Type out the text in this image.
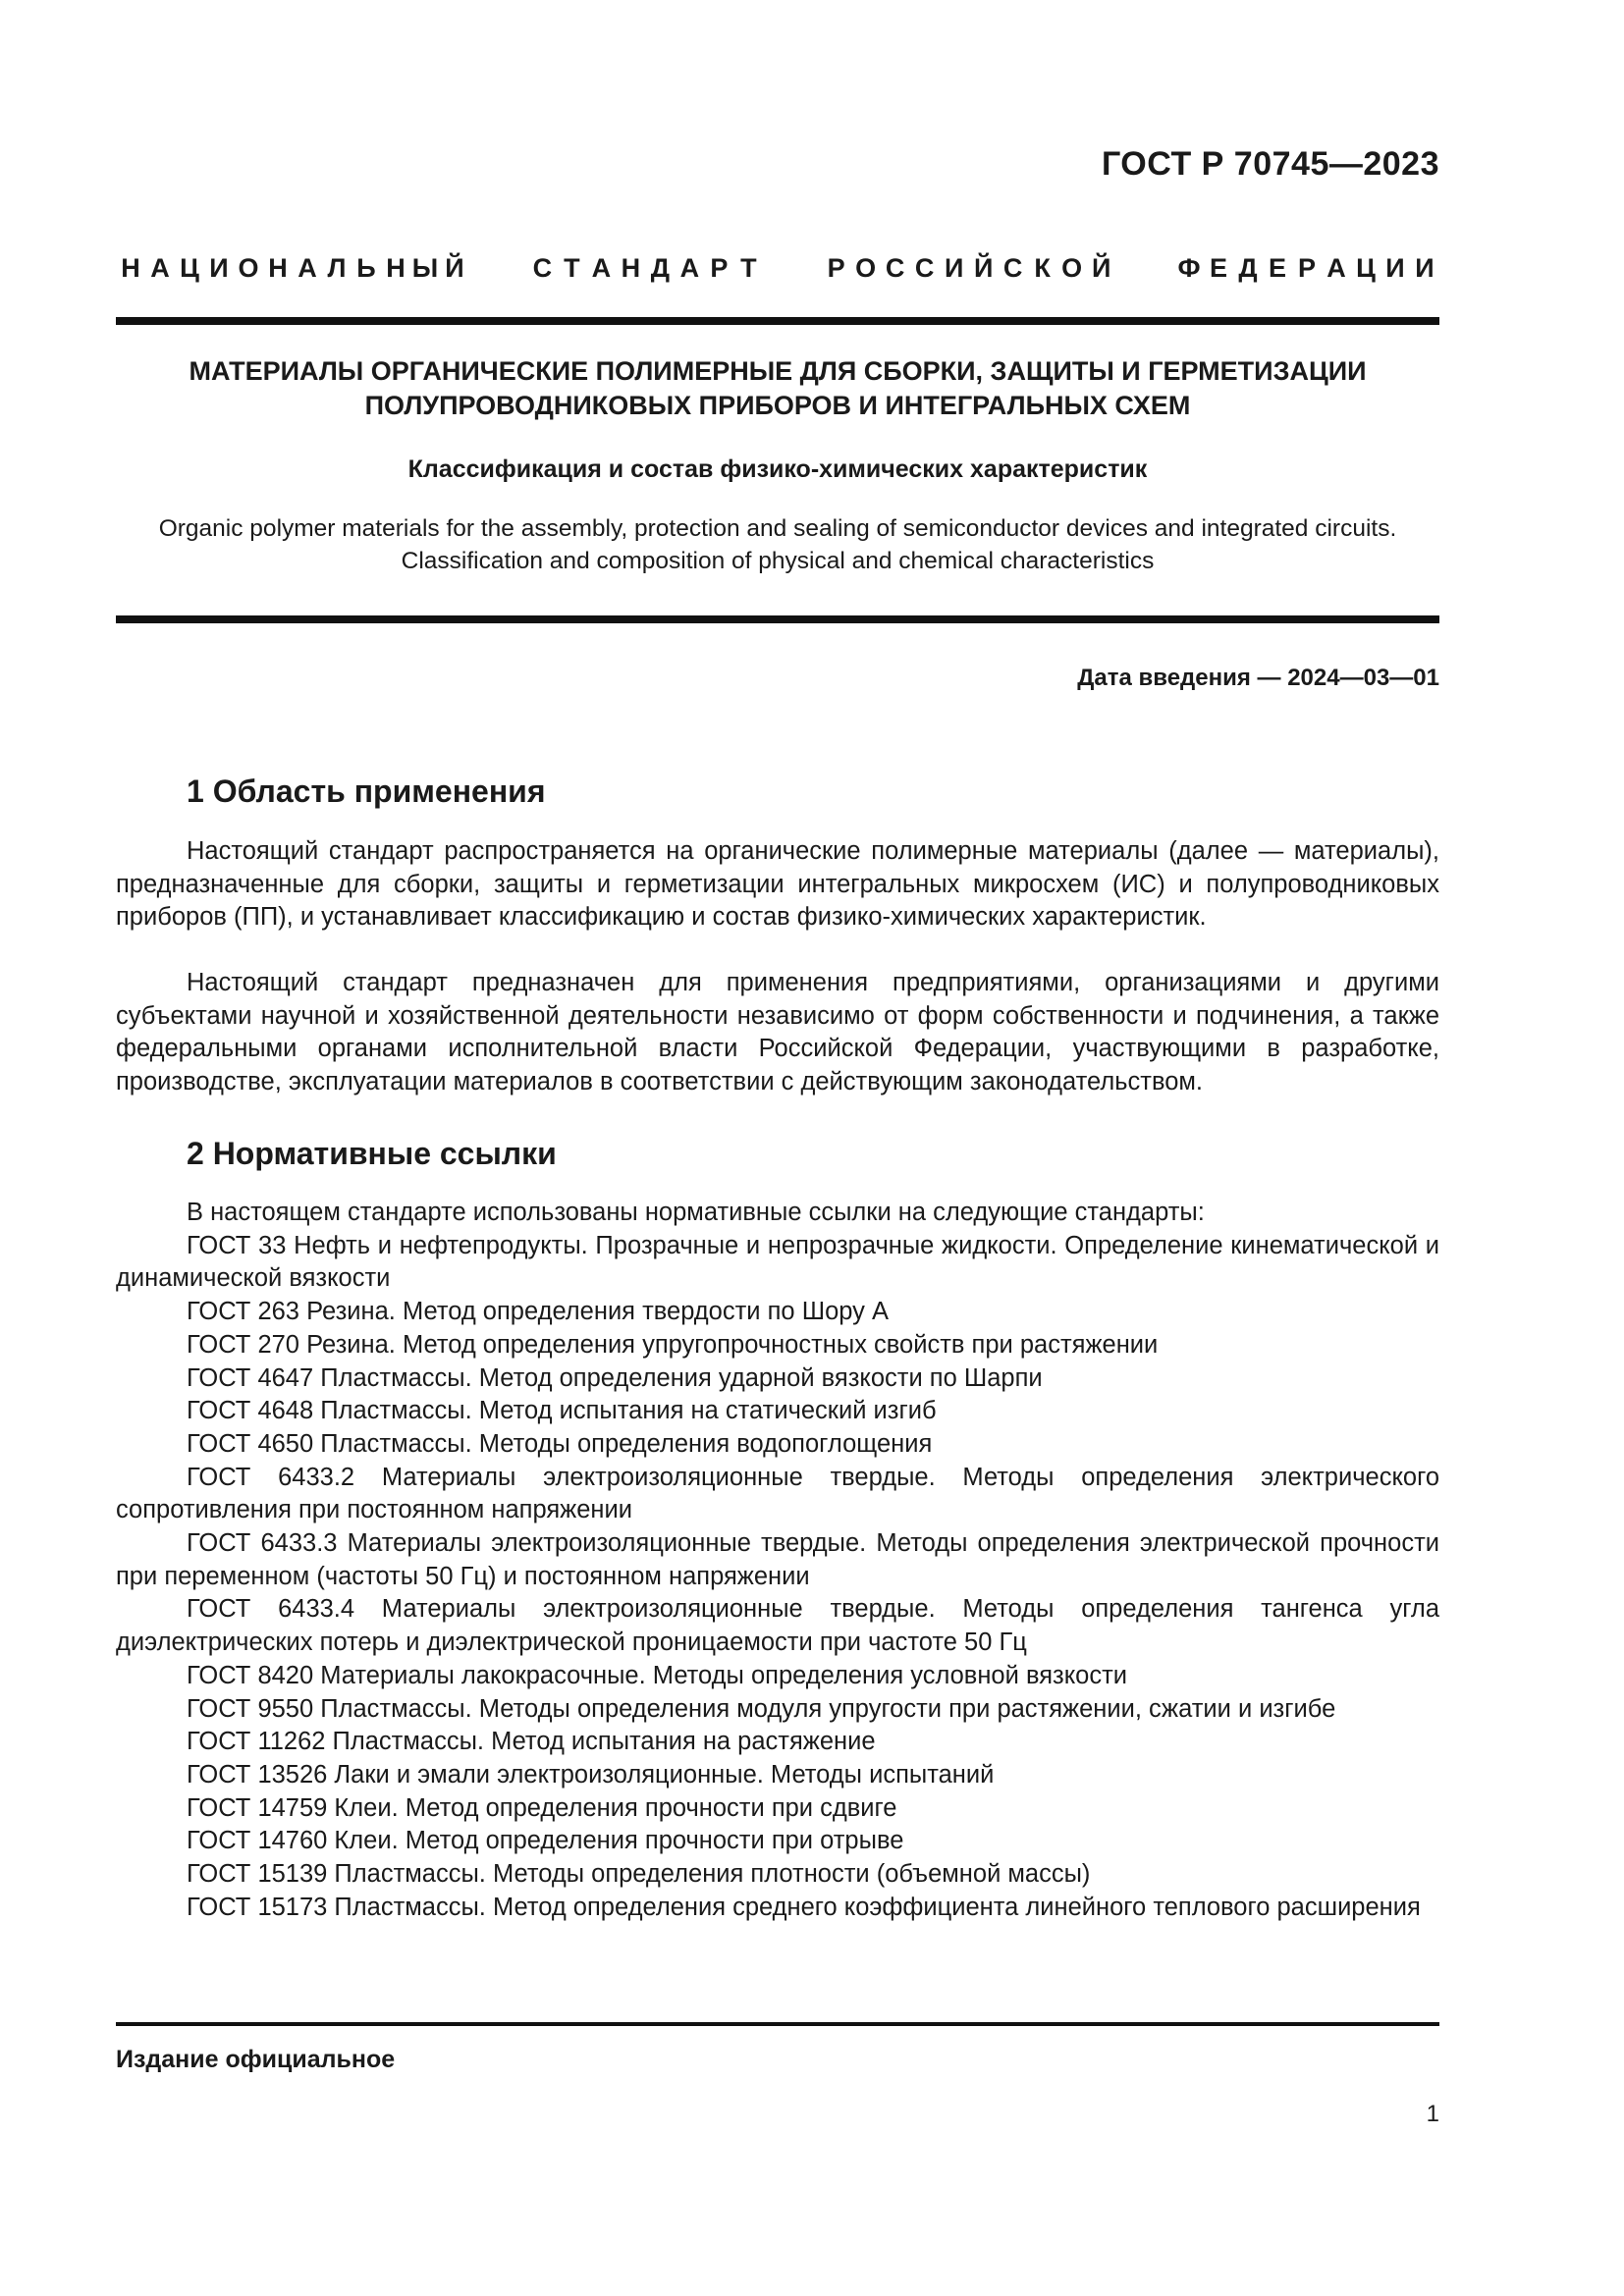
ГОСТ Р 70745—2023
Н А Ц И О Н А Л Ь Н Ы Й	С Т А Н Д А Р Т	Р О С С И Й С К О Й	Ф Е Д Е Р А Ц И И
МАТЕРИАЛЫ ОРГАНИЧЕСКИЕ ПОЛИМЕРНЫЕ ДЛЯ СБОРКИ, ЗАЩИТЫ И ГЕРМЕТИЗАЦИИ
ПОЛУПРОВОДНИКОВЫХ ПРИБОРОВ И ИНТЕГРАЛЬНЫХ СХЕМ
Классификация и состав физико-химических характеристик
Organic polymer materials for the assembly, protection and sealing of semiconductor devices and integrated circuits.
Classification and composition of physical and chemical characteristics
Дата введения — 2024—03—01
1 Область применения
Настоящий стандарт распространяется на органические полимерные материалы (далее — материалы), предназначенные для сборки, защиты и герметизации интегральных микросхем (ИС) и полупроводниковых приборов (ПП), и устанавливает классификацию и состав физико-химических характеристик.
Настоящий стандарт предназначен для применения предприятиями, организациями и другими субъектами научной и хозяйственной деятельности независимо от форм собственности и подчинения, а также федеральными органами исполнительной власти Российской Федерации, участвующими в разработке, производстве, эксплуатации материалов в соответствии с действующим законодательством.
2 Нормативные ссылки

В настоящем стандарте использованы нормативные ссылки на следующие стандарты:

ГОСТ 33 Нефть и нефтепродукты. Прозрачные и непрозрачные жидкости. Определение кинематической и динамической вязкости

ГОСТ 263 Резина. Метод определения твердости по Шору А

ГОСТ 270 Резина. Метод определения упругопрочностных свойств при растяжении

ГОСТ 4647 Пластмассы. Метод определения ударной вязкости по Шарпи

ГОСТ 4648 Пластмассы. Метод испытания на статический изгиб

ГОСТ 4650 Пластмассы. Методы определения водопоглощения

ГОСТ 6433.2 Материалы электроизоляционные твердые. Методы определения электрического сопротивления при постоянном напряжении

ГОСТ 6433.3 Материалы электроизоляционные твердые. Методы определения электрической прочности при переменном (частоты 50 Гц) и постоянном напряжении

ГОСТ 6433.4 Материалы электроизоляционные твердые. Методы определения тангенса угла диэлектрических потерь и диэлектрической проницаемости при частоте 50 Гц

ГОСТ 8420 Материалы лакокрасочные. Методы определения условной вязкости

ГОСТ 9550 Пластмассы. Методы определения модуля упругости при растяжении, сжатии и изгибе

ГОСТ 11262 Пластмассы. Метод испытания на растяжение

ГОСТ 13526 Лаки и эмали электроизоляционные. Методы испытаний

ГОСТ 14759 Клеи. Метод определения прочности при сдвиге

ГОСТ 14760 Клеи. Метод определения прочности при отрыве

ГОСТ 15139 Пластмассы. Методы определения плотности (объемной массы)

ГОСТ 15173 Пластмассы. Метод определения среднего коэффициента линейного теплового расширения

Издание официальное
1
